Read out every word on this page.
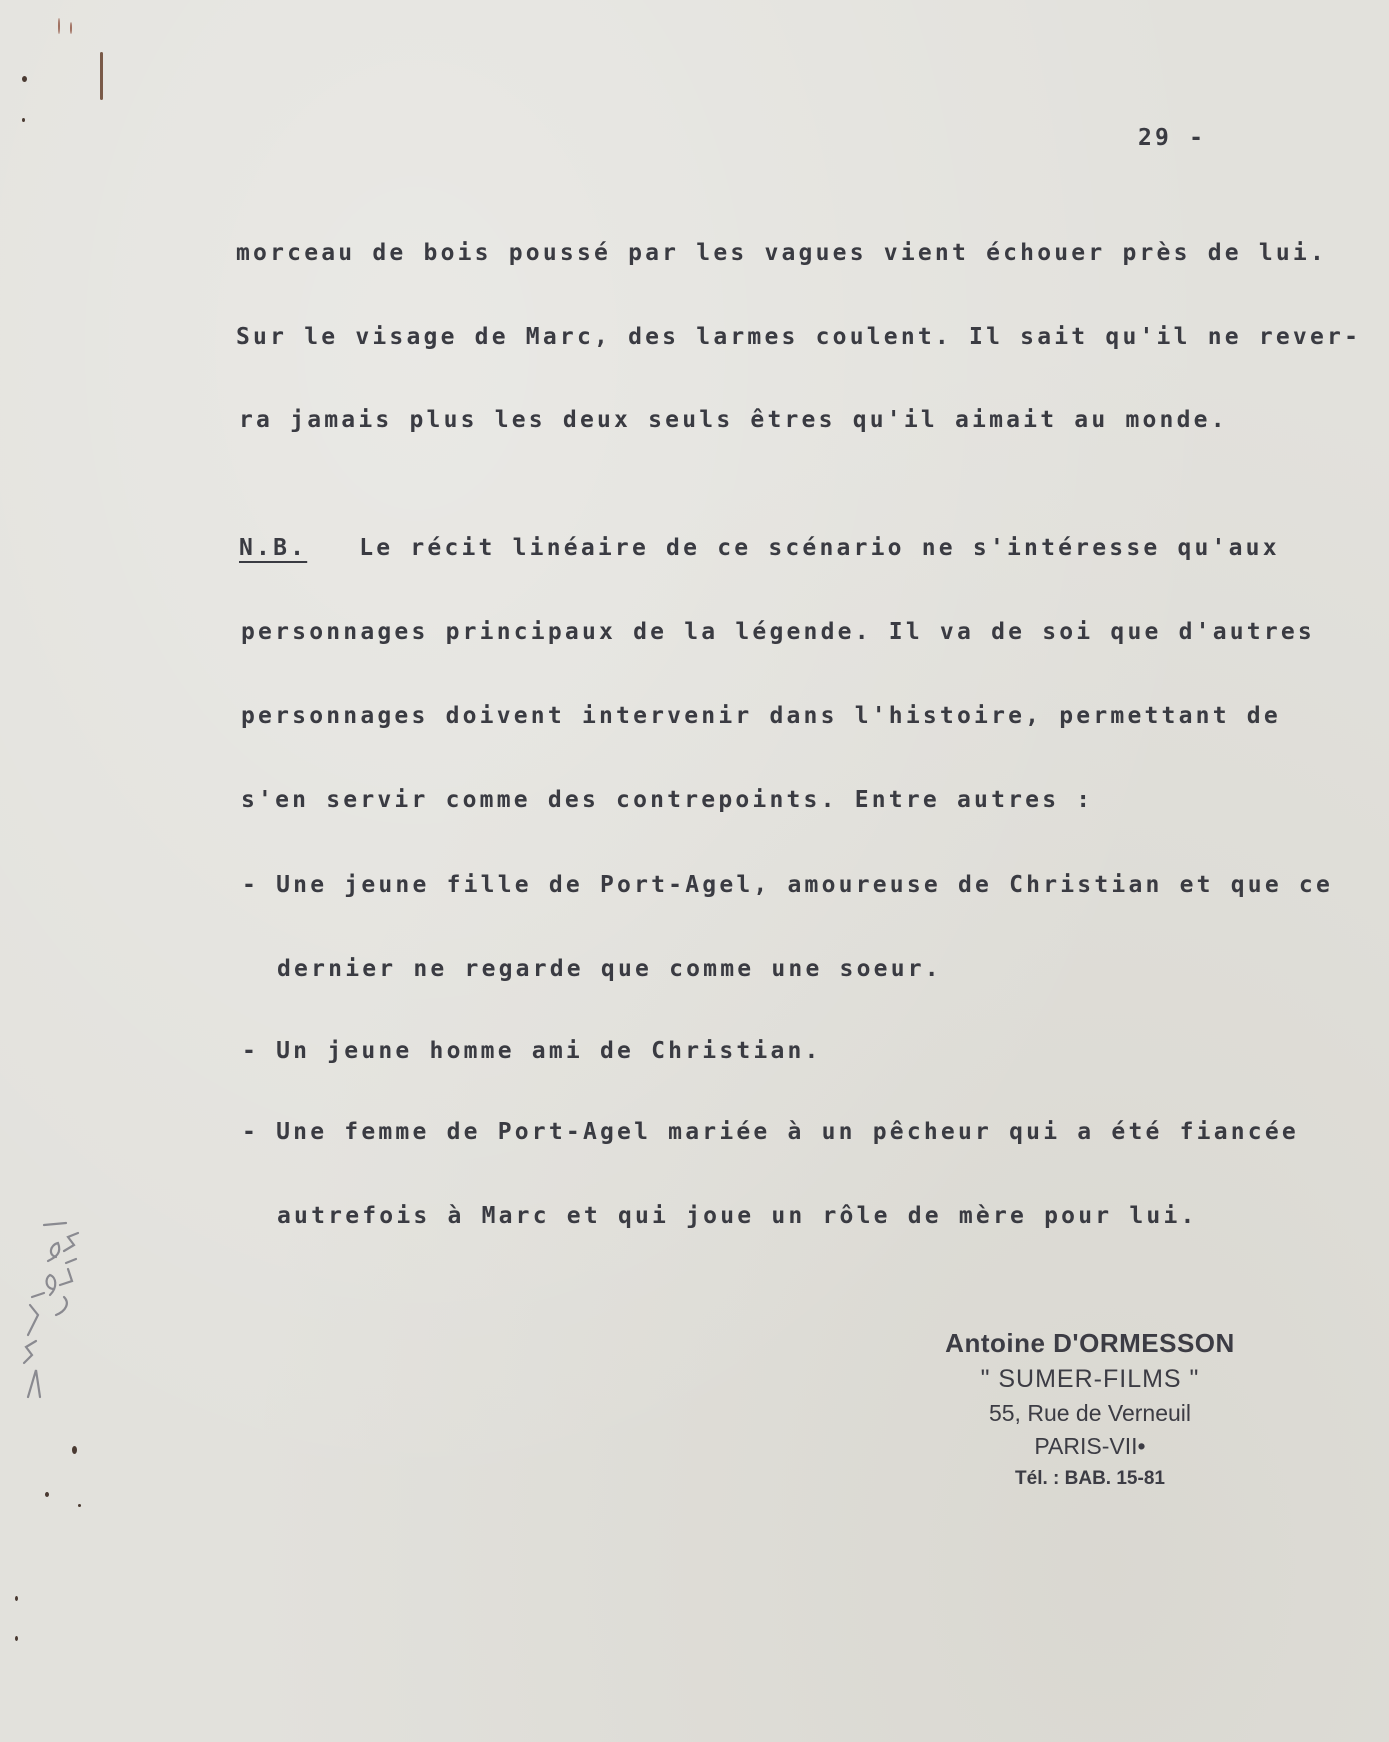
29 -
morceau de bois poussé par les vagues vient échouer près de lui.
Sur le visage de Marc, des larmes coulent. Il sait qu'il ne rever-
ra jamais plus les deux seuls êtres qu'il aimait au monde.
N.B. Le récit linéaire de ce scénario ne s'intéresse qu'aux
personnages principaux de la légende. Il va de soi que d'autres
personnages doivent intervenir dans l'histoire, permettant de
s'en servir comme des contrepoints. Entre autres :
- Une jeune fille de Port-Agel, amoureuse de Christian et que ce
dernier ne regarde que comme une soeur.
- Un jeune homme ami de Christian.
- Une femme de Port-Agel mariée à un pêcheur qui a été fiancée
autrefois à Marc et qui joue un rôle de mère pour lui.
Antoine D'ORMESSON
" SUMER-FILMS "
55, Rue de Verneuil
PARIS-VII•
Tél. : BAB. 15-81
